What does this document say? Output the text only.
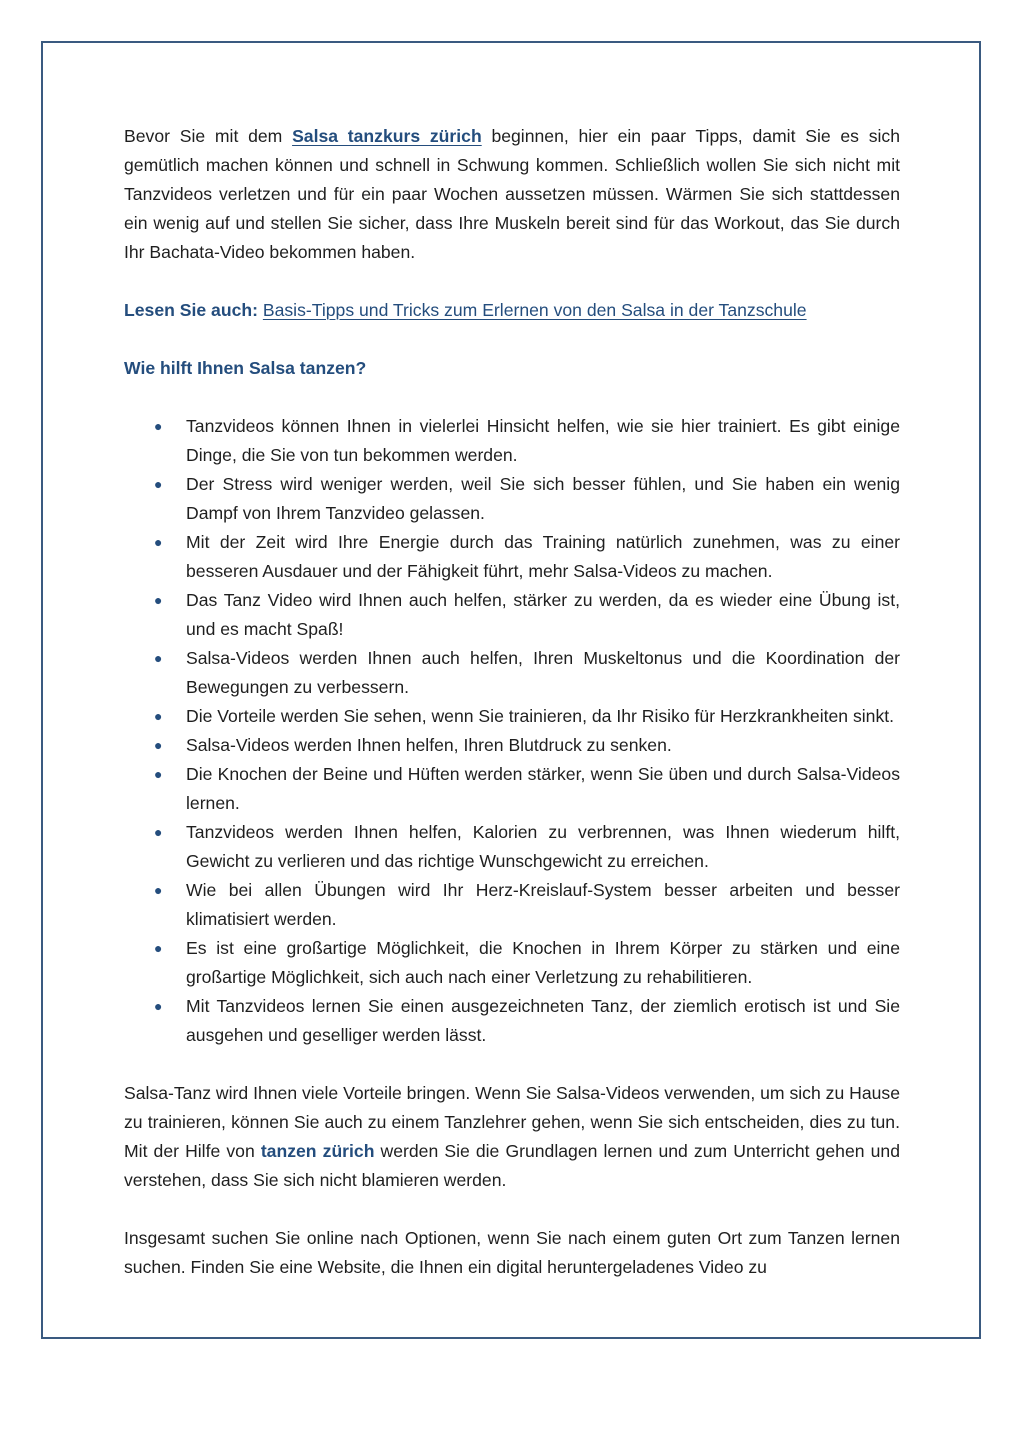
Bevor Sie mit dem Salsa tanzkurs zürich beginnen, hier ein paar Tipps, damit Sie es sich gemütlich machen können und schnell in Schwung kommen. Schließlich wollen Sie sich nicht mit Tanzvideos verletzen und für ein paar Wochen aussetzen müssen. Wärmen Sie sich stattdessen ein wenig auf und stellen Sie sicher, dass Ihre Muskeln bereit sind für das Workout, das Sie durch Ihr Bachata-Video bekommen haben.

Lesen Sie auch: Basis-Tipps und Tricks zum Erlernen von den Salsa in der Tanzschule

Wie hilft Ihnen Salsa tanzen?

● Tanzvideos können Ihnen in vielerlei Hinsicht helfen, wie sie hier trainiert. Es gibt einige Dinge, die Sie von tun bekommen werden.
● Der Stress wird weniger werden, weil Sie sich besser fühlen, und Sie haben ein wenig Dampf von Ihrem Tanzvideo gelassen.
● Mit der Zeit wird Ihre Energie durch das Training natürlich zunehmen, was zu einer besseren Ausdauer und der Fähigkeit führt, mehr Salsa-Videos zu machen.
● Das Tanz Video wird Ihnen auch helfen, stärker zu werden, da es wieder eine Übung ist, und es macht Spaß!
● Salsa-Videos werden Ihnen auch helfen, Ihren Muskeltonus und die Koordination der Bewegungen zu verbessern.
● Die Vorteile werden Sie sehen, wenn Sie trainieren, da Ihr Risiko für Herzkrankheiten sinkt.
● Salsa-Videos werden Ihnen helfen, Ihren Blutdruck zu senken.
● Die Knochen der Beine und Hüften werden stärker, wenn Sie üben und durch Salsa-Videos lernen.
● Tanzvideos werden Ihnen helfen, Kalorien zu verbrennen, was Ihnen wiederum hilft, Gewicht zu verlieren und das richtige Wunschgewicht zu erreichen.
● Wie bei allen Übungen wird Ihr Herz-Kreislauf-System besser arbeiten und besser klimatisiert werden.
● Es ist eine großartige Möglichkeit, die Knochen in Ihrem Körper zu stärken und eine großartige Möglichkeit, sich auch nach einer Verletzung zu rehabilitieren.
● Mit Tanzvideos lernen Sie einen ausgezeichneten Tanz, der ziemlich erotisch ist und Sie ausgehen und geselliger werden lässt.

Salsa-Tanz wird Ihnen viele Vorteile bringen. Wenn Sie Salsa-Videos verwenden, um sich zu Hause zu trainieren, können Sie auch zu einem Tanzlehrer gehen, wenn Sie sich entscheiden, dies zu tun. Mit der Hilfe von tanzen zürich werden Sie die Grundlagen lernen und zum Unterricht gehen und verstehen, dass Sie sich nicht blamieren werden.

Insgesamt suchen Sie online nach Optionen, wenn Sie nach einem guten Ort zum Tanzen lernen suchen. Finden Sie eine Website, die Ihnen ein digital heruntergeladenes Video zu
